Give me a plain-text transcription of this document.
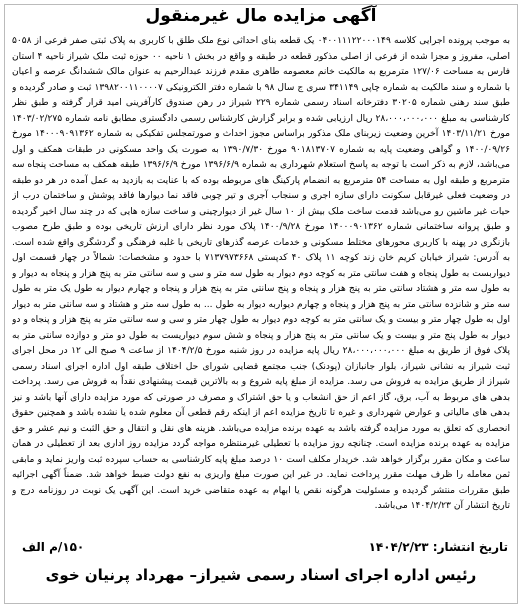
آگهی مزایده مال غیرمنقول
به موجب پرونده اجرایی کلاسه ۰۴۰۰۱۱۱۲۲۰۰۰۱۴۹ یک قطعه بنای احداثی نوع ملک طلق با کاربری به پلاک ثبتی صفر فرعی از ۵۰۵۸ اصلی، مفروز و مجزا شده از فرعی از اصلی مذکور قطعه در طبقه و واقع در بخش ۱ ناحیه ۰۰ حوزه ثبت ملک شیراز ناحیه ۴ استان فارس به مساحت ۱۲۷/۰۶ مترمربع به مالکیت خانم معصومه طاهری مقدم فرزند عبدالرحیم به عنوان مالک ششدانگ عرصه و اعیان با شماره و سند مالکیت به شماره چاپی ۳۴۱۱۴۹ سری ج سال ۹۸ با شماره دفتر الکترونیکی ۱۳۹۸۲۰۰۱۱۰۰۰۰۷ ثبت و صادر گردیده و طبق سند رهنی شماره ۳۰۲۰۵ دفترخانه اسناد رسمی شماره ۲۲۹ شیراز در رهن صندوق کارآفرینی امید قرار گرفته و طبق نظر کارشناسی به مبلغ ۲۸،۰۰۰،۰۰۰،۰۰۰ ریال ارزیابی شده و برابر گزارش کارشناس رسمی دادگستری مطابق نامه شماره ۱۴۰۳/۰۲/۲۷۵ مورخ ۱۴۰۳/۱۱/۲۱ آخرین وضعیت زیربنای ملک مذکور براساس مجوز احداث و صورتمجلس تفکیکی به شماره ۱۴۰۰۰۹۰۹۱۳۶۲ مورخ ۱۴۰۰/۰۹/۲۶ و گواهی وضعیت پایه به شماره ۹۰۱۸۱۳۷۰۷ مورخ ۱۳۹۰/۷/۳۰ به صورت یک واحد مسکونی در طبقات همکف و اول می‌باشد، لازم به ذکر است با توجه به پاسخ استعلام شهرداری به شماره ۱۳۹۶/۶/۹ مورخ ۱۳۹۶/۶/۹ طبقه همکف به مساحت پنجاه سه مترمربع و طبقه اول به مساحت ۵۴ مترمربع به انضمام پارکینگ های مربوطه بوده که با عنایت به بازدید به عمل آمده در هر دو طبقه در وضعیت فعلی غیرقابل سکونت دارای سازه اجری و سنجاب آجری و تیر چوبی فاقد نما دیوارها فاقد پوشش و ساختمان درب از حیات غیر ماشین رو می‌باشد قدمت ساخت ملک بیش از ۱۰ سال غیر از دیوارچینی و ساخت سازه هایی که در چند سال اخیر گردیده و طبق پروانه ساختمانی شماره ۱۴۰۰۰۹۰۱۳۶۲ مورخ ۱۴۰۰/۹/۲۸ پلاک مورد نظر دارای ارزش تاریخی بوده و طبق طرح مصوب بازنگری در پهنه با کاربری محورهای مختلط مسکونی و خدمات عرصه گذرهای تاریخی با غلبه فرهنگی و گردشگری واقع شده است. به آدرس: شیراز خیابان کریم خان زند کوچه ۱۱ پلاک ۴۰ کدپستی ۷۱۳۷۹۷۳۶۶۸ با حدود و مشخصات: شمالاً در چهار قسمت اول دیواربست به طول پنجاه و هفت سانتی متر به کوچه دوم دیوار به طول سه متر و سی و سه سانتی متر به پنج هزار و پنجاه به دیوار و به طول سه متر و هشتاد سانتی متر به پنج هزار و پنجاه و پنج سانتی متر به پنج هزار و پنجاه و چهارم دیوار به طول یک متر به طول سه متر و شانزده سانتی متر به پنج هزار و پنجاه و چهارم دیواربه دیوار به طول ... به طول سه متر و هشتاد و سه سانتی متر به دیوار اول به طول چهار متر و بیست و یک سانتی متر به کوچه دوم دیوار به طول چهار متر و سی و سه سانتی متر به پنج هزار و پنجاه و دو دیوار به طول پنج متر و بیست و یک سانتی متر به پنج هزار و پنجاه و شش سوم دیواریست به طول دو متر و دوازده سانتی متر به پلاک فوق از طریق به مبلغ ۲۸،۰۰۰،۰۰۰،۰۰۰ ریال پایه مزایده در روز شنبه مورخ ۱۴۰۴/۲/۵ از ساعت ۹ صبح الی ۱۲ در محل اجرای ثبت شیراز به نشانی شیراز، بلوار جانبازان (پودنک) جنب مجتمع قضایی شورای حل اختلاف طبقه اول اداره اجرای اسناد رسمی شیراز از طریق مزایده به فروش می رسد. مزایده از مبلغ پایه شروع و به بالاترین قیمت پیشنهادی نقداً به فروش می رسد. پرداخت بدهی های مربوط به آب، برق، گاز اعم از حق انشعاب و یا حق اشتراک و مصرف در صورتی که مورد مزایده دارای آنها باشد و نیز بدهی های مالیاتی و عوارض شهرداری و غیره تا تاریخ مزایده اعم از اینکه رقم قطعی آن معلوم شده یا نشده باشد و همچنین حقوق انحصاری که تعلق به مورد مزایده گرفته باشد به عهده برنده مزایده می‌باشد. هزینه های نقل و انتقال و حق الثبت و نیم عشر و حق مزایده به عهده برنده مزایده است. چنانچه روز مزایده با تعطیلی غیرمنتظره مواجه گردد مزایده روز اداری بعد از تعطیلی در همان ساعت و مکان مقرر برگزار خواهد شد. خریدار مکلف است ۱۰ درصد مبلغ پایه کارشناسی به حساب سپرده ثبت واریز نماید و مابقی ثمن معامله را ظرف مهلت مقرر پرداخت نماید. در غیر این صورت مبلغ واریزی به نفع دولت ضبط خواهد شد. ضمناً آگهی اجرائیه طبق مقررات منتشر گردیده و مسئولیت هرگونه نقص یا ابهام به عهده متقاضی خرید است. این آگهی یک نوبت در روزنامه درج و تاریخ انتشار آن ۱۴۰۴/۲/۲۳ می‌باشد.
تاریخ انتشار: ۱۴۰۴/۲/۲۳
۱۵۰/م الف
رئیس اداره اجرای اسناد رسمی شیراز– مهرداد پرنیان خوی
